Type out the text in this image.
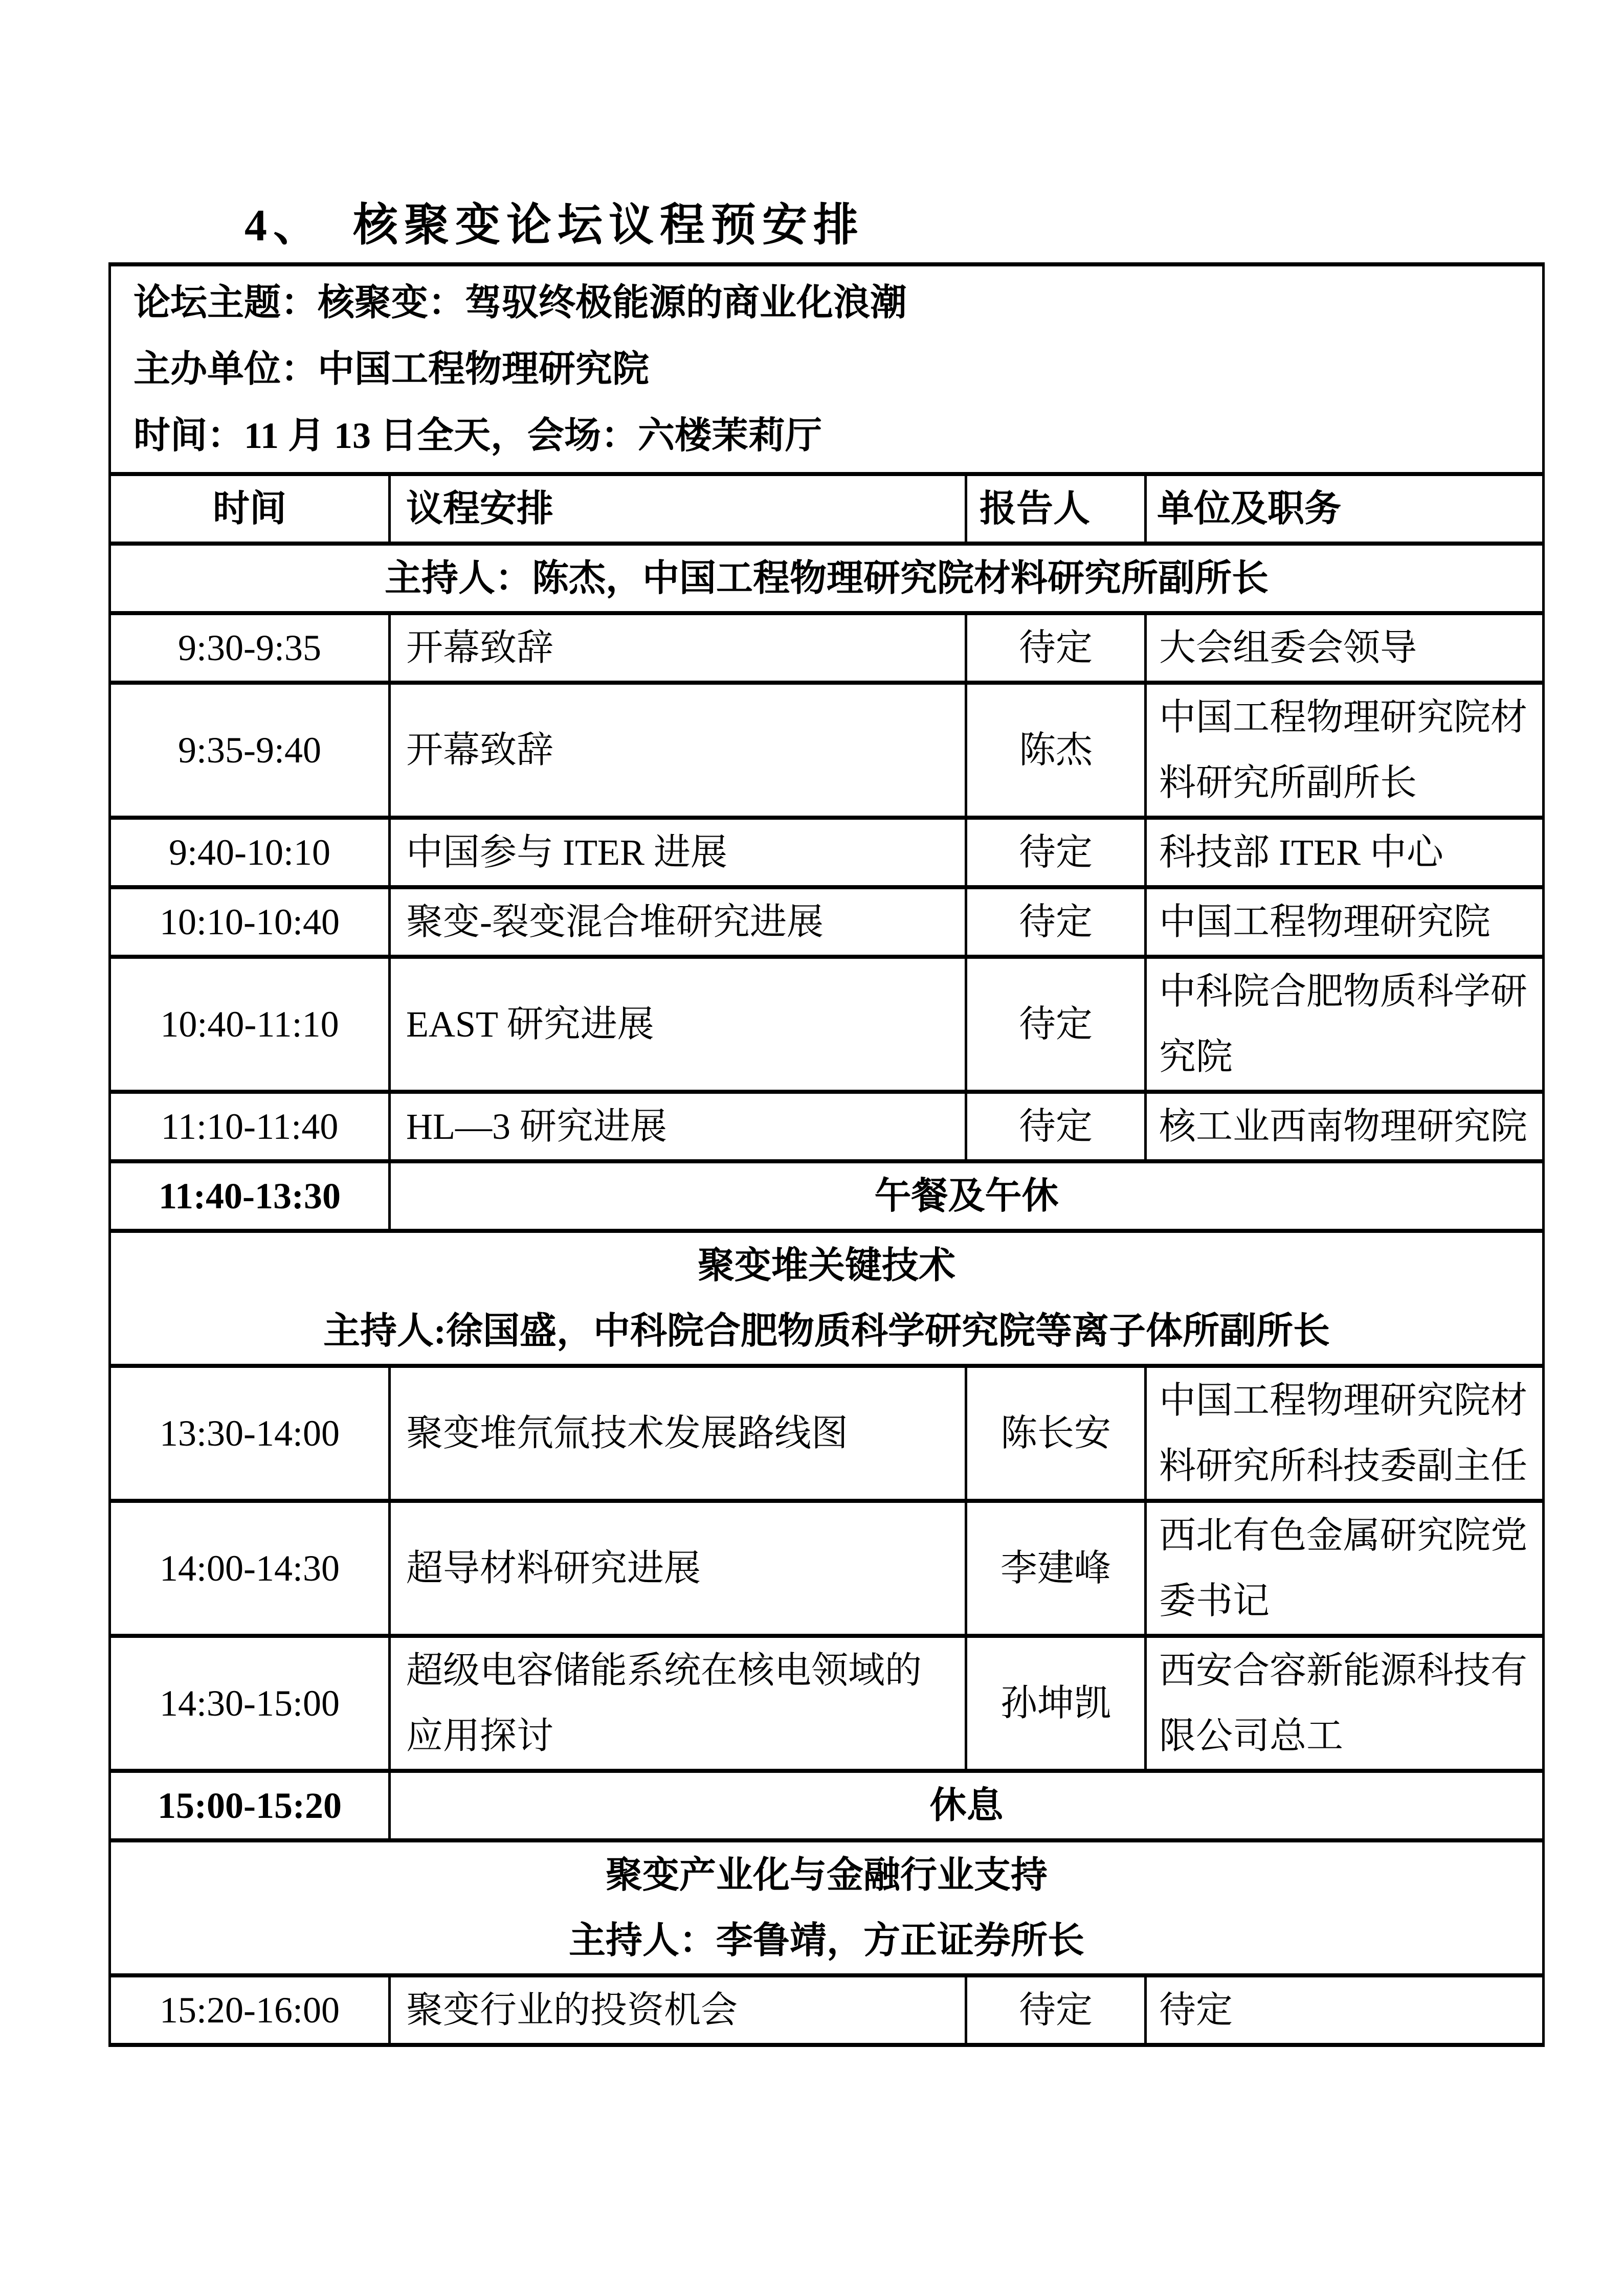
4、　核聚变论坛议程预安排
论坛主题：核聚变：驾驭终极能源的商业化浪潮
主办单位：中国工程物理研究院
时间：11 月 13 日全天，会场：六楼茉莉厅			

时间	议程安排	报告人	单位及职务
主持人：陈杰，中国工程物理研究院材料研究所副所长			
9:30-9:35	开幕致辞	待定	大会组委会领导
9:35-9:40	开幕致辞	陈杰	中国工程物理研究院材料研究所副所长
9:40-10:10	中国参与 ITER 进展	待定	科技部 ITER 中心
10:10-10:40	聚变-裂变混合堆研究进展	待定	中国工程物理研究院
10:40-11:10	EAST 研究进展	待定	中科院合肥物质科学研究院
11:10-11:40	HL—3 研究进展	待定	核工业西南物理研究院
11:40-13:30	午餐及午休		

聚变堆关键技术
主持人:徐国盛，中科院合肥物质科学研究院等离子体所副所长			

13:30-14:00	聚变堆氘氚技术发展路线图	陈长安	中国工程物理研究院材料研究所科技委副主任
14:00-14:30	超导材料研究进展	李建峰	西北有色金属研究院党委书记
14:30-15:00	超级电容储能系统在核电领域的应用探讨	孙坤凯	西安合容新能源科技有限公司总工
15:00-15:20	休息		

聚变产业化与金融行业支持
主持人：李鲁靖，方正证券所长			

15:20-16:00	聚变行业的投资机会	待定	待定
